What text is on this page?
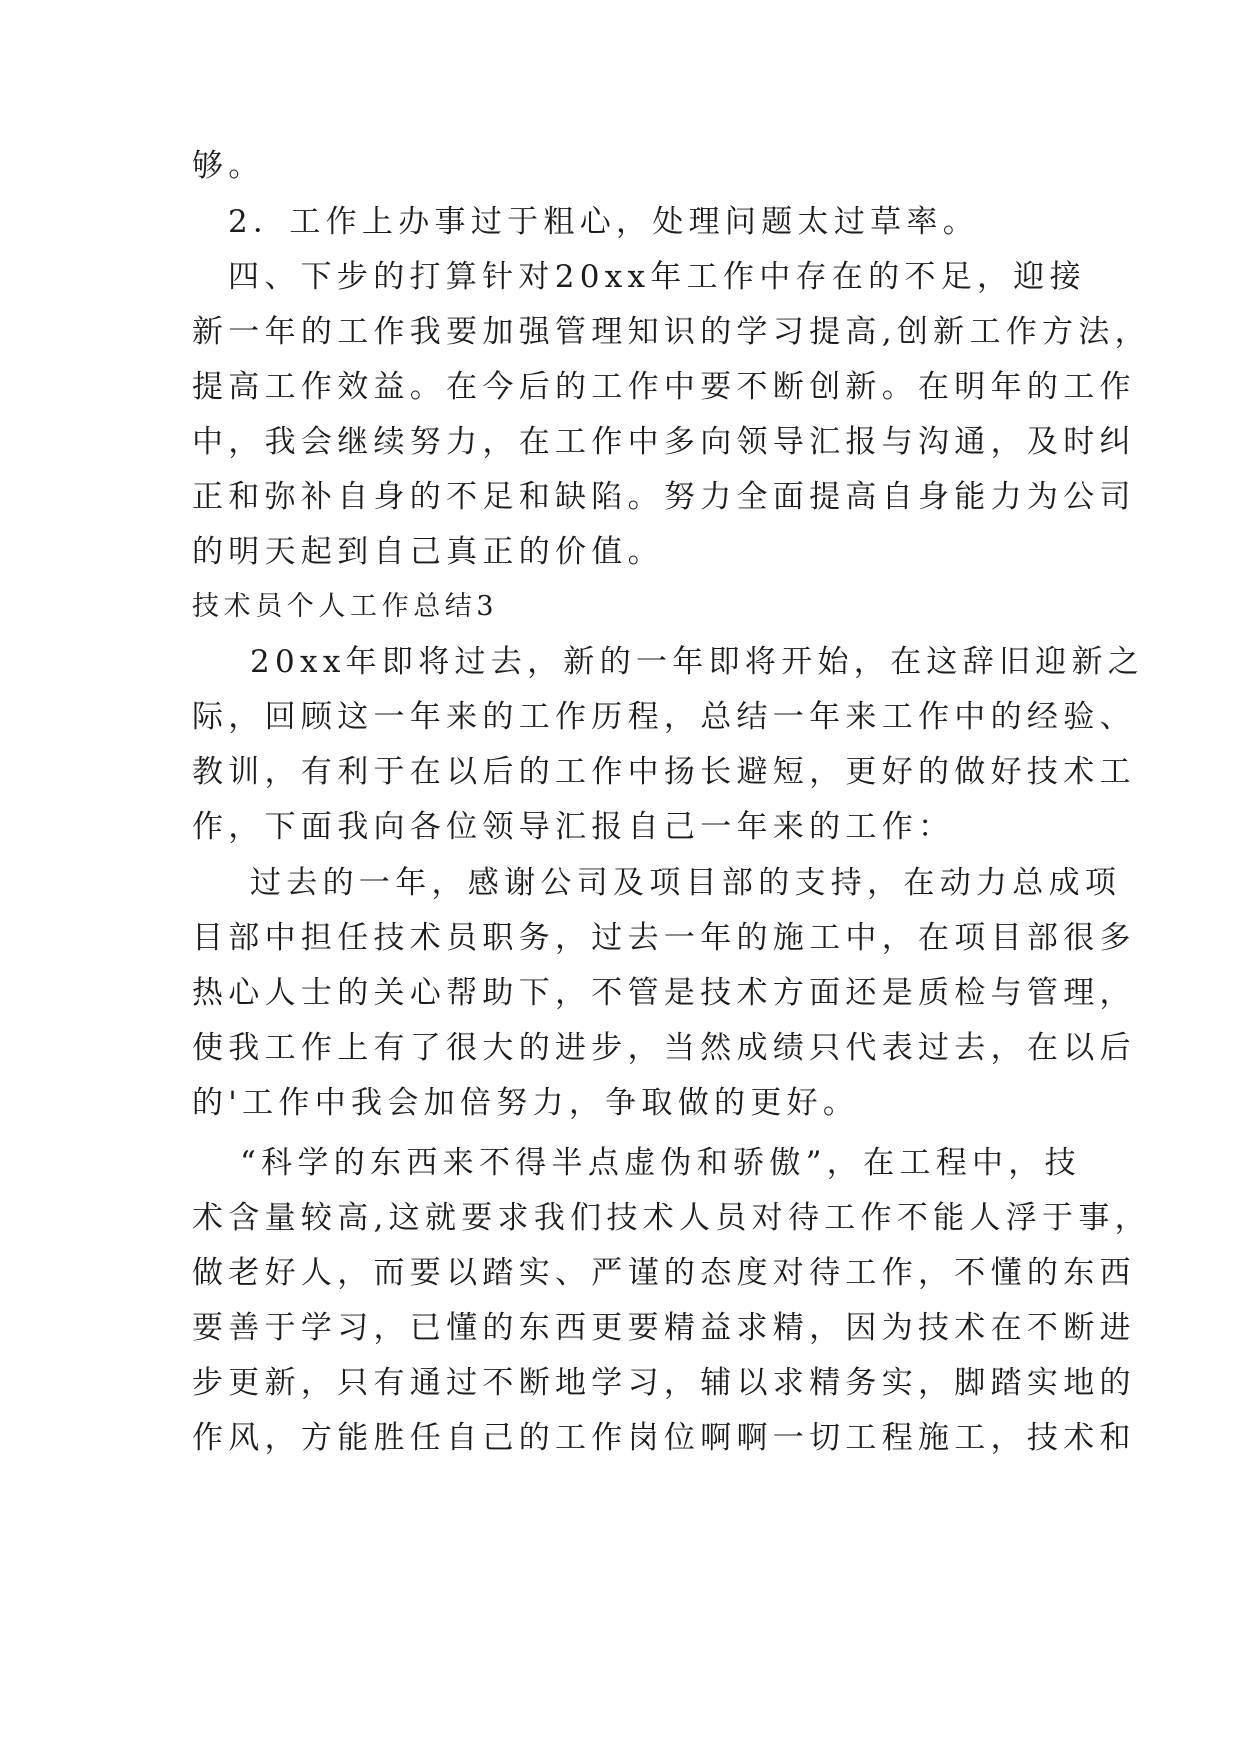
够。
2．工作上办事过于粗心，处理问题太过草率。
四、下步的打算针对20xx年工作中存在的不足，迎接
新一年的工作我要加强管理知识的学习提高,创新工作方法，
提高工作效益。在今后的工作中要不断创新。在明年的工作
中，我会继续努力，在工作中多向领导汇报与沟通，及时纠
正和弥补自身的不足和缺陷。努力全面提高自身能力为公司
的明天起到自己真正的价值。
技术员个人工作总结3
20xx年即将过去，新的一年即将开始，在这辞旧迎新之
际，回顾这一年来的工作历程，总结一年来工作中的经验、
教训，有利于在以后的工作中扬长避短，更好的做好技术工
作，下面我向各位领导汇报自己一年来的工作：
过去的一年，感谢公司及项目部的支持，在动力总成项
目部中担任技术员职务，过去一年的施工中，在项目部很多
热心人士的关心帮助下，不管是技术方面还是质检与管理，
使我工作上有了很大的进步，当然成绩只代表过去，在以后
的'工作中我会加倍努力，争取做的更好。
“科学的东西来不得半点虚伪和骄傲”，在工程中，技
术含量较高,这就要求我们技术人员对待工作不能人浮于事，
做老好人，而要以踏实、严谨的态度对待工作，不懂的东西
要善于学习，已懂的东西更要精益求精，因为技术在不断进
步更新，只有通过不断地学习，辅以求精务实，脚踏实地的
作风，方能胜任自己的工作岗位啊啊一切工程施工，技术和
